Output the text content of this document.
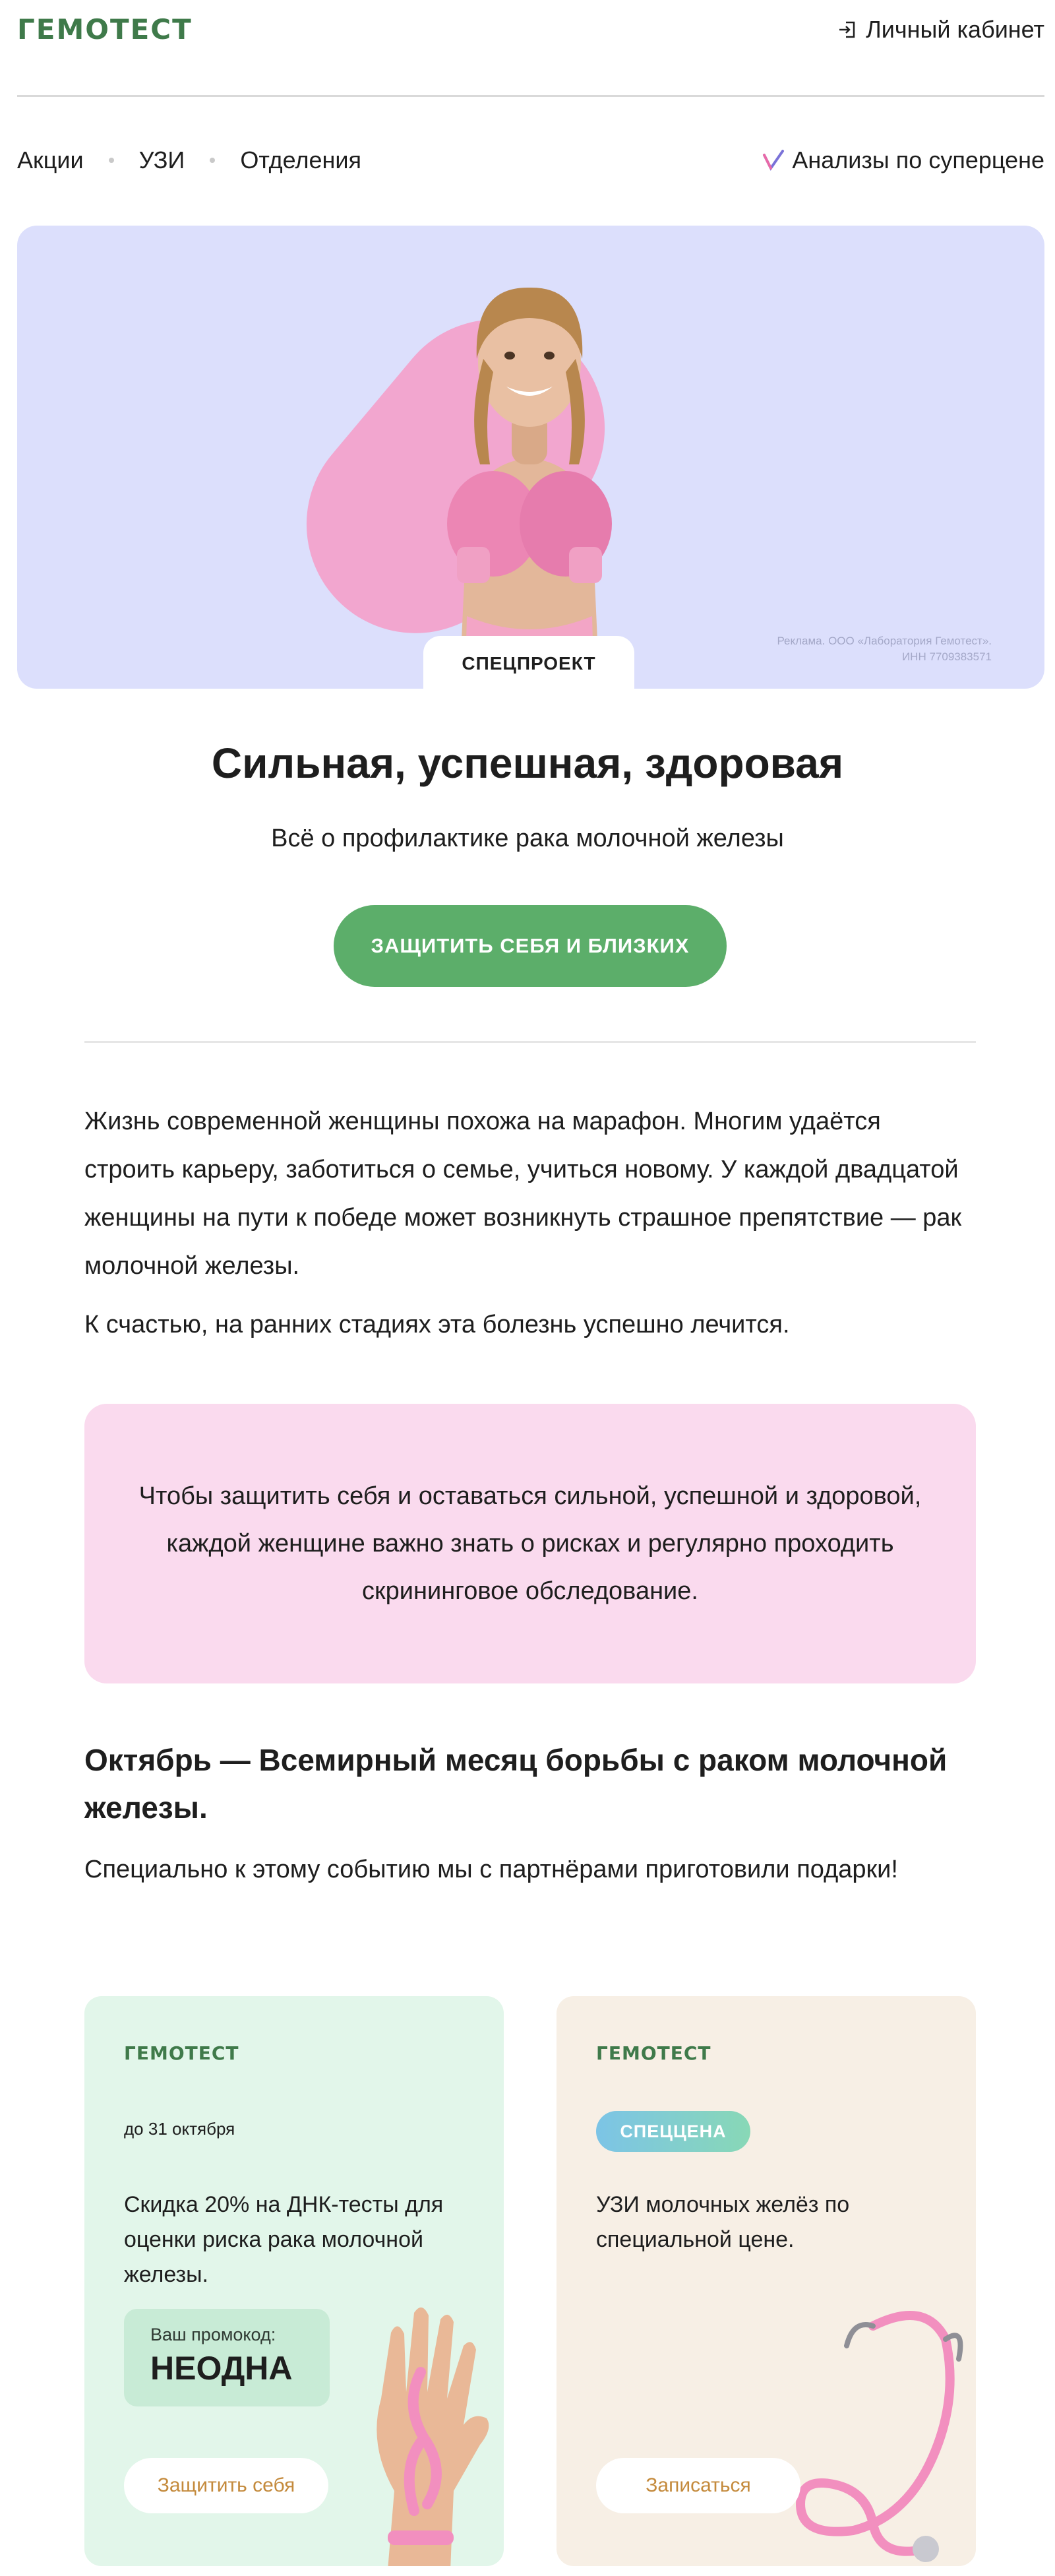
ГЕМОТЕСТ	Личный кабинет
Акции УЗИ Отделения	Анализы по суперцене
Реклама. ООО «Лаборатория Гемотест». ИНН 7709383571
СПЕЦПРОЕКТ
Сильная, успешная, здоровая
Всё о профилактике рака молочной железы
ЗАЩИТИТЬ СЕБЯ И БЛИЗКИХ

Жизнь современной женщины похожа на марафон. Многим удаётся строить карьеру, заботиться о семье, учиться новому. У каждой двадцатой женщины на пути к победе может возникнуть страшное препятствие — рак молочной железы.

К счастью, на ранних стадиях эта болезнь успешно лечится.

Чтобы защитить себя и оставаться сильной, успешной и здоровой, каждой женщине важно знать о рисках и регулярно проходить скрининговое обследование.
Октябрь — Всемирный месяц борьбы с раком молочной железы.

Специально к этому событию мы с партнёрами приготовили подарки!

ГЕМОТЕСТ
до 31 октября
Скидка 20% на ДНК-тесты для оценки риска рака молочной железы.
Ваш промокод:
НЕОДНА
Защитить себя
ГЕМОТЕСТ
СПЕЦЦЕНА
УЗИ молочных желёз по специальной цене.
Записаться
